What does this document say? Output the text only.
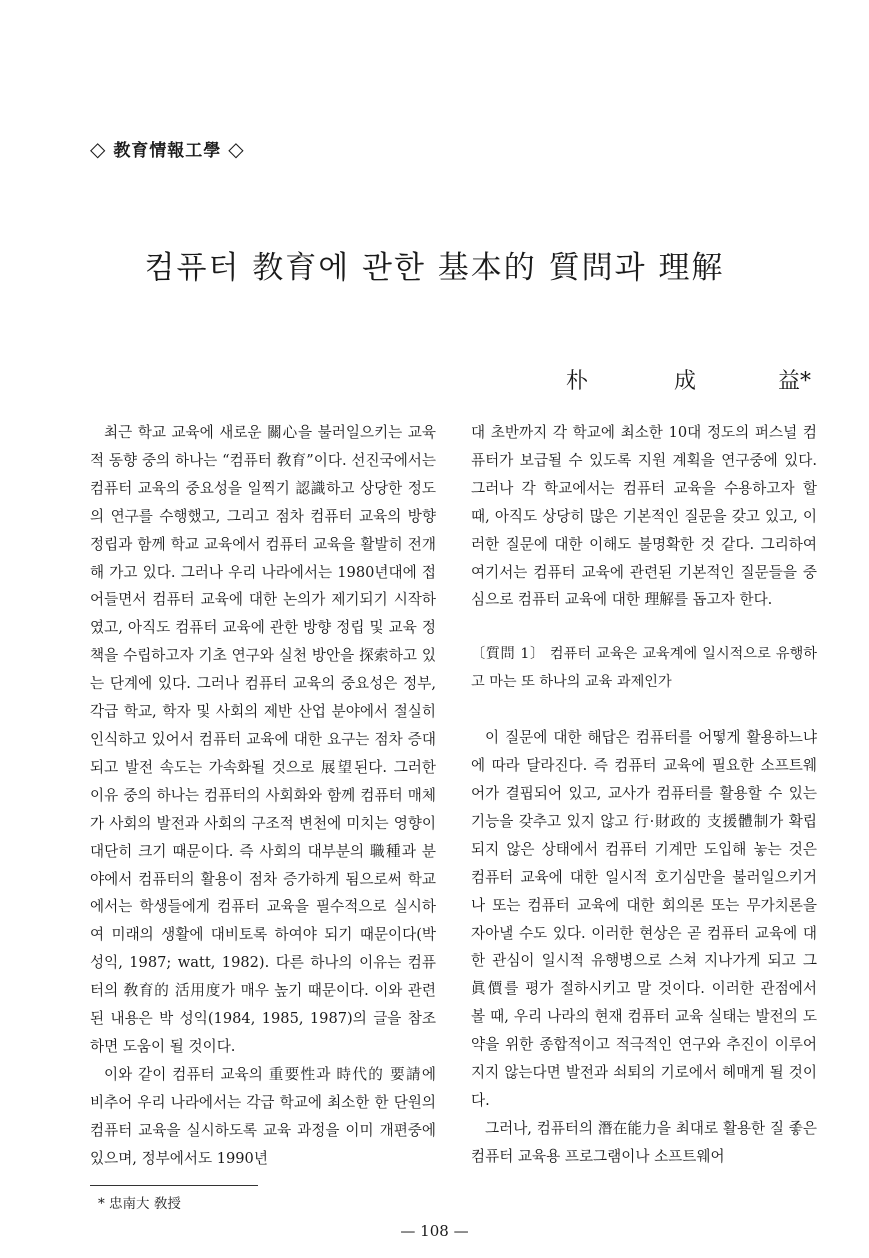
◇ 教育情報工學 ◇
컴퓨터 教育에 관한 基本的 質問과 理解
朴	成	益*

최근 학교 교육에 새로운 關心을 불러일으키는 교육적 동향 중의 하나는 “컴퓨터 敎育”이다. 선진국에서는 컴퓨터 교육의 중요성을 일찍기 認識하고 상당한 정도의 연구를 수행했고, 그리고 점차 컴퓨터 교육의 방향 정립과 함께 학교 교육에서 컴퓨터 교육을 활발히 전개해 가고 있다. 그러나 우리 나라에서는 1980년대에 접어들면서 컴퓨터 교육에 대한 논의가 제기되기 시작하였고, 아직도 컴퓨터 교육에 관한 방향 정립 및 교육 정책을 수립하고자 기초 연구와 실천 방안을 探索하고 있는 단계에 있다. 그러나 컴퓨터 교육의 중요성은 정부, 각급 학교, 학자 및 사회의 제반 산업 분야에서 절실히 인식하고 있어서 컴퓨터 교육에 대한 요구는 점차 증대되고 발전 속도는 가속화될 것으로 展望된다. 그러한 이유 중의 하나는 컴퓨터의 사회화와 함께 컴퓨터 매체가 사회의 발전과 사회의 구조적 변천에 미치는 영향이 대단히 크기 때문이다. 즉 사회의 대부분의 職種과 분야에서 컴퓨터의 활용이 점차 증가하게 됨으로써 학교에서는 학생들에게 컴퓨터 교육을 필수적으로 실시하여 미래의 생활에 대비토록 하여야 되기 때문이다(박 성익, 1987; watt, 1982). 다른 하나의 이유는 컴퓨터의 敎育的 活用度가 매우 높기 때문이다. 이와 관련된 내용은 박 성익(1984, 1985, 1987)의 글을 참조하면 도움이 될 것이다.

이와 같이 컴퓨터 교육의 重要性과 時代的 要請에 비추어 우리 나라에서는 각급 학교에 최소한 한 단원의 컴퓨터 교육을 실시하도록 교육 과정을 이미 개편중에 있으며, 정부에서도 1990년

대 초반까지 각 학교에 최소한 10대 정도의 퍼스널 컴퓨터가 보급될 수 있도록 지원 계획을 연구중에 있다. 그러나 각 학교에서는 컴퓨터 교육을 수용하고자 할 때, 아직도 상당히 많은 기본적인 질문을 갖고 있고, 이러한 질문에 대한 이해도 불명확한 것 같다. 그리하여 여기서는 컴퓨터 교육에 관련된 기본적인 질문들을 중심으로 컴퓨터 교육에 대한 理解를 돕고자 한다.

〔質問 1〕 컴퓨터 교육은 교육계에 일시적으로 유행하고 마는 또 하나의 교육 과제인가

이 질문에 대한 해답은 컴퓨터를 어떻게 활용하느냐에 따라 달라진다. 즉 컴퓨터 교육에 필요한 소프트웨어가 결핍되어 있고, 교사가 컴퓨터를 활용할 수 있는 기능을 갖추고 있지 않고 行·財政的 支援體制가 확립되지 않은 상태에서 컴퓨터 기계만 도입해 놓는 것은 컴퓨터 교육에 대한 일시적 호기심만을 불러일으키거나 또는 컴퓨터 교육에 대한 회의론 또는 무가치론을 자아낼 수도 있다. 이러한 현상은 곧 컴퓨터 교육에 대한 관심이 일시적 유행병으로 스쳐 지나가게 되고 그 眞價를 평가 절하시키고 말 것이다. 이러한 관점에서 볼 때, 우리 나라의 현재 컴퓨터 교육 실태는 발전의 도약을 위한 종합적이고 적극적인 연구와 추진이 이루어지지 않는다면 발전과 쇠퇴의 기로에서 헤매게 될 것이다.

그러나, 컴퓨터의 潛在能力을 최대로 활용한 질 좋은 컴퓨터 교육용 프로그램이나 소프트웨어

* 忠南大 敎授
— 108 —
